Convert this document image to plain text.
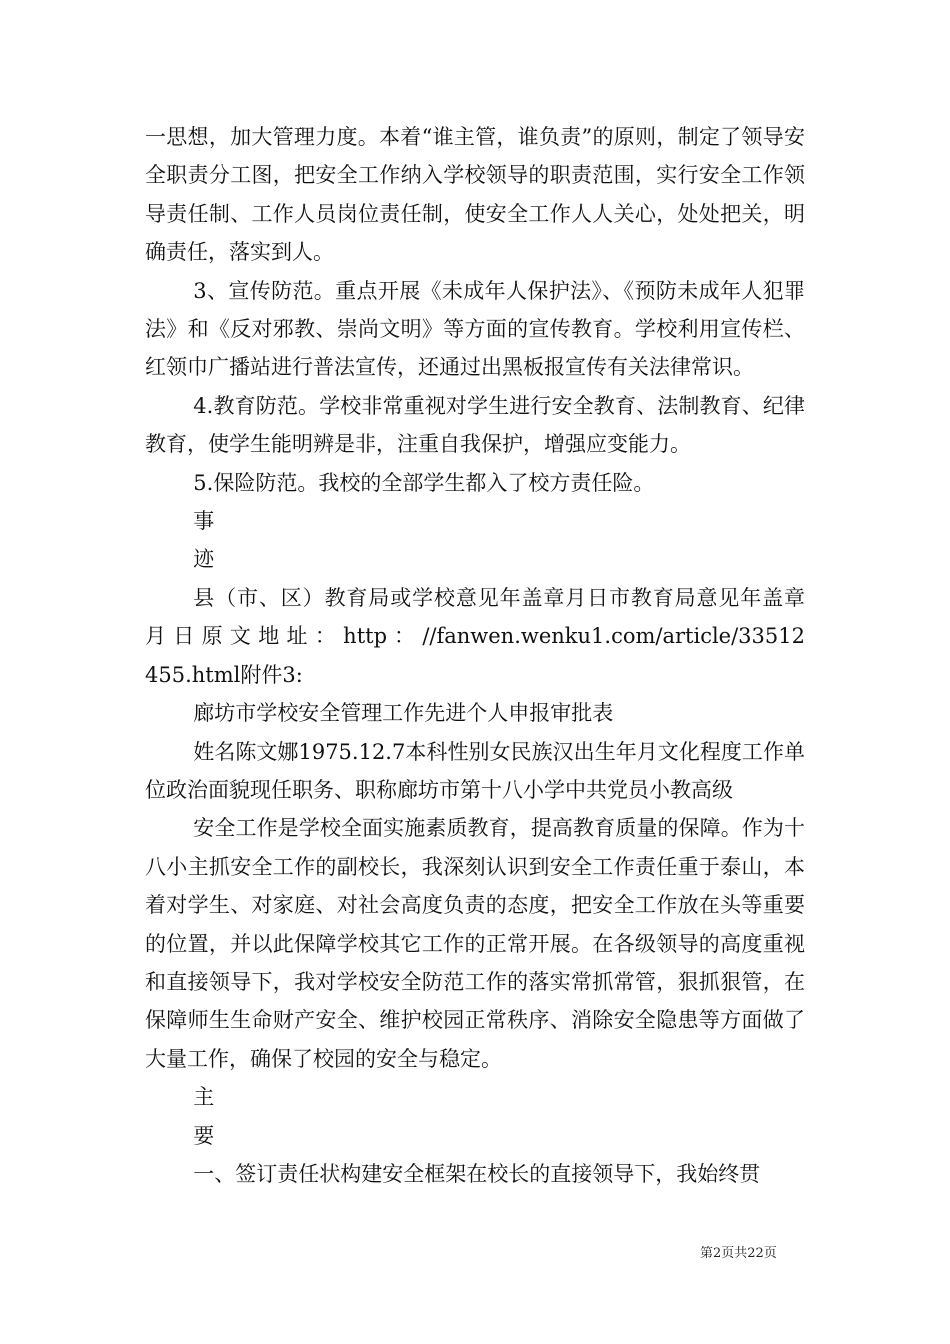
一思想，加大管理力度。本着“谁主管，谁负责”的原则，制定了领导安全职责分工图，把安全工作纳入学校领导的职责范围，实行安全工作领导责任制、工作人员岗位责任制，使安全工作人人关心，处处把关，明确责任，落实到人。

3、宣传防范。重点开展《未成年人保护法》、《预防未成年人犯罪法》和《反对邪教、崇尚文明》等方面的宣传教育。学校利用宣传栏、红领巾广播站进行普法宣传，还通过出黑板报宣传有关法律常识。

4.教育防范。学校非常重视对学生进行安全教育、法制教育、纪律教育，使学生能明辨是非，注重自我保护，增强应变能力。

5.保险防范。我校的全部学生都入了校方责任险。

事

迹

县（市、区）教育局或学校意见年盖章月日市教育局意见年盖章 月 日 原 文 地 址 ： http ： //fanwen.wenku1.com/article/33512455.html附件3:

廊坊市学校安全管理工作先进个人申报审批表

姓名陈文娜1975.12.7本科性别女民族汉出生年月文化程度工作单位政治面貌现任职务、职称廊坊市第十八小学中共党员小教高级

安全工作是学校全面实施素质教育，提高教育质量的保障。作为十八小主抓安全工作的副校长，我深刻认识到安全工作责任重于泰山，本着对学生、对家庭、对社会高度负责的态度，把安全工作放在头等重要的位置，并以此保障学校其它工作的正常开展。在各级领导的高度重视和直接领导下，我对学校安全防范工作的落实常抓常管，狠抓狠管，在保障师生生命财产安全、维护校园正常秩序、消除安全隐患等方面做了大量工作，确保了校园的安全与稳定。

主

要

一、签订责任状构建安全框架在校长的直接领导下，我始终贯

第2页共22页
